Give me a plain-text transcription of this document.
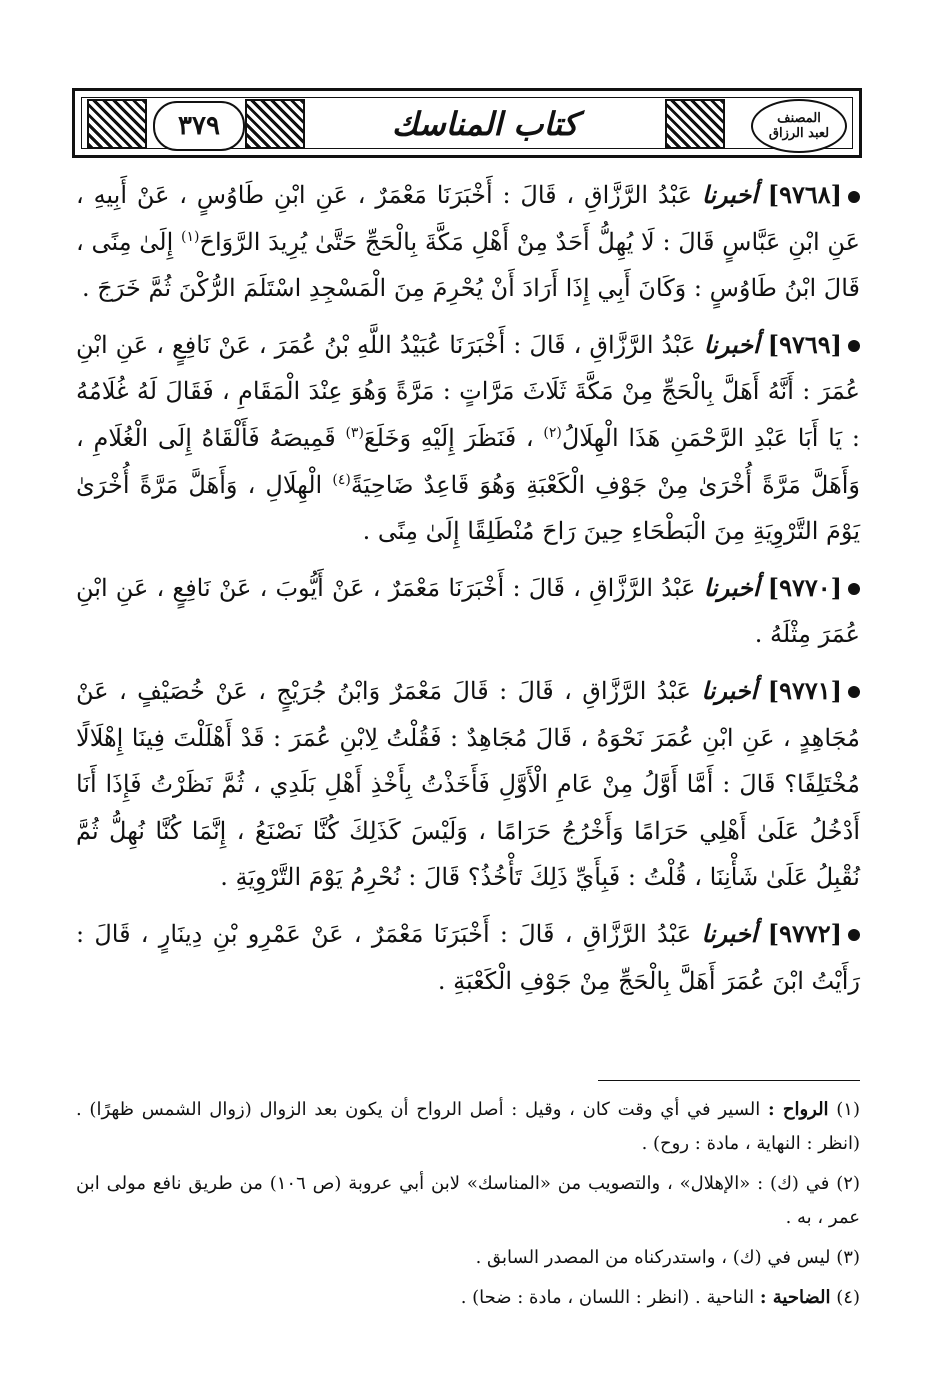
٣٧٩	كتاب المناسك	المصنف
لعبد الرزاق

[٩٧٦٨] أخبرنا عَبْدُ الرَّزَّاقِ ، قَالَ : أَخْبَرَنَا مَعْمَرٌ ، عَنِ ابْنِ طَاوُسٍ ، عَنْ أَبِيهِ ، عَنِ ابْنِ عَبَّاسٍ قَالَ : لَا يُهِلُّ أَحَدٌ مِنْ أَهْلِ مَكَّةَ بِالْحَجِّ حَتَّىٰ يُرِيدَ الرَّوَاحَ$^{(١)}$ إِلَىٰ مِنًى ، قَالَ ابْنُ طَاوُسٍ : وَكَانَ أَبِي إِذَا أَرَادَ أَنْ يُحْرِمَ مِنَ الْمَسْجِدِ اسْتَلَمَ الرُّكْنَ ثُمَّ خَرَجَ .

[٩٧٦٩] أخبرنا عَبْدُ الرَّزَّاقِ ، قَالَ : أَخْبَرَنَا عُبَيْدُ اللَّهِ بْنُ عُمَرَ ، عَنْ نَافِعٍ ، عَنِ ابْنِ عُمَرَ : أَنَّهُ أَهَلَّ بِالْحَجِّ مِنْ مَكَّةَ ثَلَاثَ مَرَّاتٍ : مَرَّةً وَهُوَ عِنْدَ الْمَقَامِ ، فَقَالَ لَهُ غُلَامُهُ : يَا أَبَا عَبْدِ الرَّحْمَنِ هَذَا الْهِلَالُ$^{(٢)}$ ، فَنَظَرَ إِلَيْهِ وَخَلَعَ$^{(٣)}$ قَمِيصَهُ فَأَلْقَاهُ إِلَى الْغُلَامِ ، وَأَهَلَّ مَرَّةً أُخْرَىٰ مِنْ جَوْفِ الْكَعْبَةِ وَهُوَ قَاعِدٌ ضَاحِيَةً$^{(٤)}$ الْهِلَالِ ، وَأَهَلَّ مَرَّةً أُخْرَىٰ يَوْمَ التَّرْوِيَةِ مِنَ الْبَطْحَاءِ حِينَ رَاحَ مُنْطَلِقًا إِلَىٰ مِنًى .

[٩٧٧٠] أخبرنا عَبْدُ الرَّزَّاقِ ، قَالَ : أَخْبَرَنَا مَعْمَرٌ ، عَنْ أَيُّوبَ ، عَنْ نَافِعٍ ، عَنِ ابْنِ عُمَرَ مِثْلَهُ .

[٩٧٧١] أخبرنا عَبْدُ الرَّزَّاقِ ، قَالَ : قَالَ مَعْمَرٌ وَابْنُ جُرَيْجٍ ، عَنْ خُصَيْفٍ ، عَنْ مُجَاهِدٍ ، عَنِ ابْنِ عُمَرَ نَحْوَهُ ، قَالَ مُجَاهِدٌ : فَقُلْتُ لِابْنِ عُمَرَ : قَدْ أَهْلَلْتَ فِينَا إِهْلَالًا مُخْتَلِفًا؟ قَالَ : أَمَّا أَوَّلُ مِنْ عَامِ الْأَوَّلِ فَأَخَذْتُ بِأَخْذِ أَهْلِ بَلَدِي ، ثُمَّ نَظَرْتُ فَإِذَا أَنَا أَدْخُلُ عَلَىٰ أَهْلِي حَرَامًا وَأَخْرُجُ حَرَامًا ، وَلَيْسَ كَذَلِكَ كُنَّا نَصْنَعُ ، إِنَّمَا كُنَّا نُهِلُّ ثُمَّ نُقْبِلُ عَلَىٰ شَأْنِنَا ، قُلْتُ : فَبِأَيِّ ذَلِكَ تَأْخُذُ؟ قَالَ : نُحْرِمُ يَوْمَ التَّرْوِيَةِ .

[٩٧٧٢] أخبرنا عَبْدُ الرَّزَّاقِ ، قَالَ : أَخْبَرَنَا مَعْمَرٌ ، عَنْ عَمْرِو بْنِ دِينَارٍ ، قَالَ : رَأَيْتُ ابْنَ عُمَرَ أَهَلَّ بِالْحَجِّ مِنْ جَوْفِ الْكَعْبَةِ .

(١) الرواح : السير في أي وقت كان ، وقيل : أصل الرواح أن يكون بعد الزوال (زوال الشمس ظهرًا) . (انظر : النهاية ، مادة : روح) .

(٢) في (ك) : «الإهلال» ، والتصويب من «المناسك» لابن أبي عروبة (ص ١٠٦) من طريق نافع مولى ابن عمر ، به .

(٣) ليس في (ك) ، واستدركناه من المصدر السابق .

(٤) الضاحية : الناحية . (انظر : اللسان ، مادة : ضحا) .
